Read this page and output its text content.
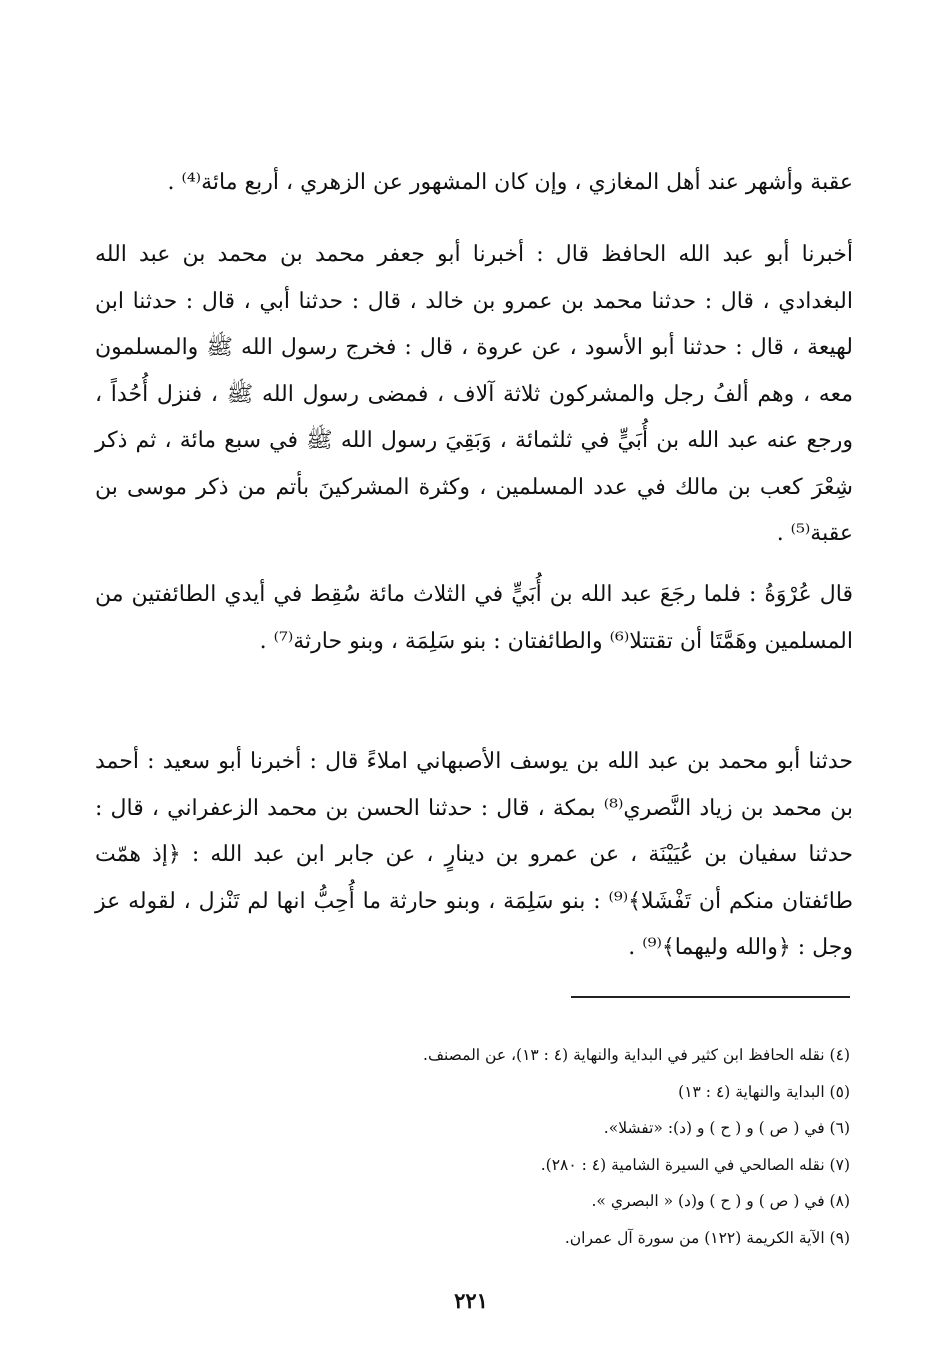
عقبة وأشهر عند أهل المغازي ، وإن كان المشهور عن الزهري ، أربع مائة⁽⁴⁾ .

أخبرنا أبو عبد الله الحافظ قال : أخبرنا أبو جعفر محمد بن محمد بن عبد الله البغدادي ، قال : حدثنا محمد بن عمرو بن خالد ، قال : حدثنا أبي ، قال : حدثنا ابن لهيعة ، قال : حدثنا أبو الأسود ، عن عروة ، قال : فخرج رسول الله ﷺ والمسلمون معه ، وهم ألفُ رجل والمشركون ثلاثة آلاف ، فمضى رسول الله ﷺ ، فنزل أُحُداً ، ورجع عنه عبد الله بن أُبَيٍّ في ثلثمائة ، وَبَقِيَ رسول الله ﷺ في سبع مائة ، ثم ذكر شِعْرَ كعب بن مالك في عدد المسلمين ، وكثرة المشركينَ بأتم من ذكر موسى بن عقبة⁽⁵⁾ .

قال عُرْوَةُ : فلما رجَعَ عبد الله بن أُبَيٍّ في الثلاث مائة سُقِط في أيدي الطائفتين من المسلمين وهَمَّتَا أن تقتتلا⁽⁶⁾ والطائفتان : بنو سَلِمَة ، وبنو حارثة⁽⁷⁾ .

حدثنا أبو محمد بن عبد الله بن يوسف الأصبهاني املاءً قال : أخبرنا أبو سعيد : أحمد بن محمد بن زياد النَّصري⁽⁸⁾ بمكة ، قال : حدثنا الحسن بن محمد الزعفراني ، قال : حدثنا سفيان بن عُيَيْنَة ، عن عمرو بن دينارٍ ، عن جابر ابن عبد الله : ﴿إذ همّت طائفتان منكم أن تَفْشَلا﴾⁽⁹⁾ : بنو سَلِمَة ، وبنو حارثة ما أُحِبُّ انها لم تَنْزل ، لقوله عز وجل : ﴿والله وليهما﴾⁽⁹⁾ .

(٤) نقله الحافظ ابن كثير في البداية والنهاية (٤ : ١٣)، عن المصنف.

(٥) البداية والنهاية (٤ : ١٣)

(٦) في ( ص ) و ( ح ) و (د): «تفشلا».

(٧) نقله الصالحي في السيرة الشامية (٤ : ٢٨٠).

(٨) في ( ص ) و ( ح ) و(د) « البصري ».

(٩) الآية الكريمة (١٢٢) من سورة آل عمران.

٢٢١
